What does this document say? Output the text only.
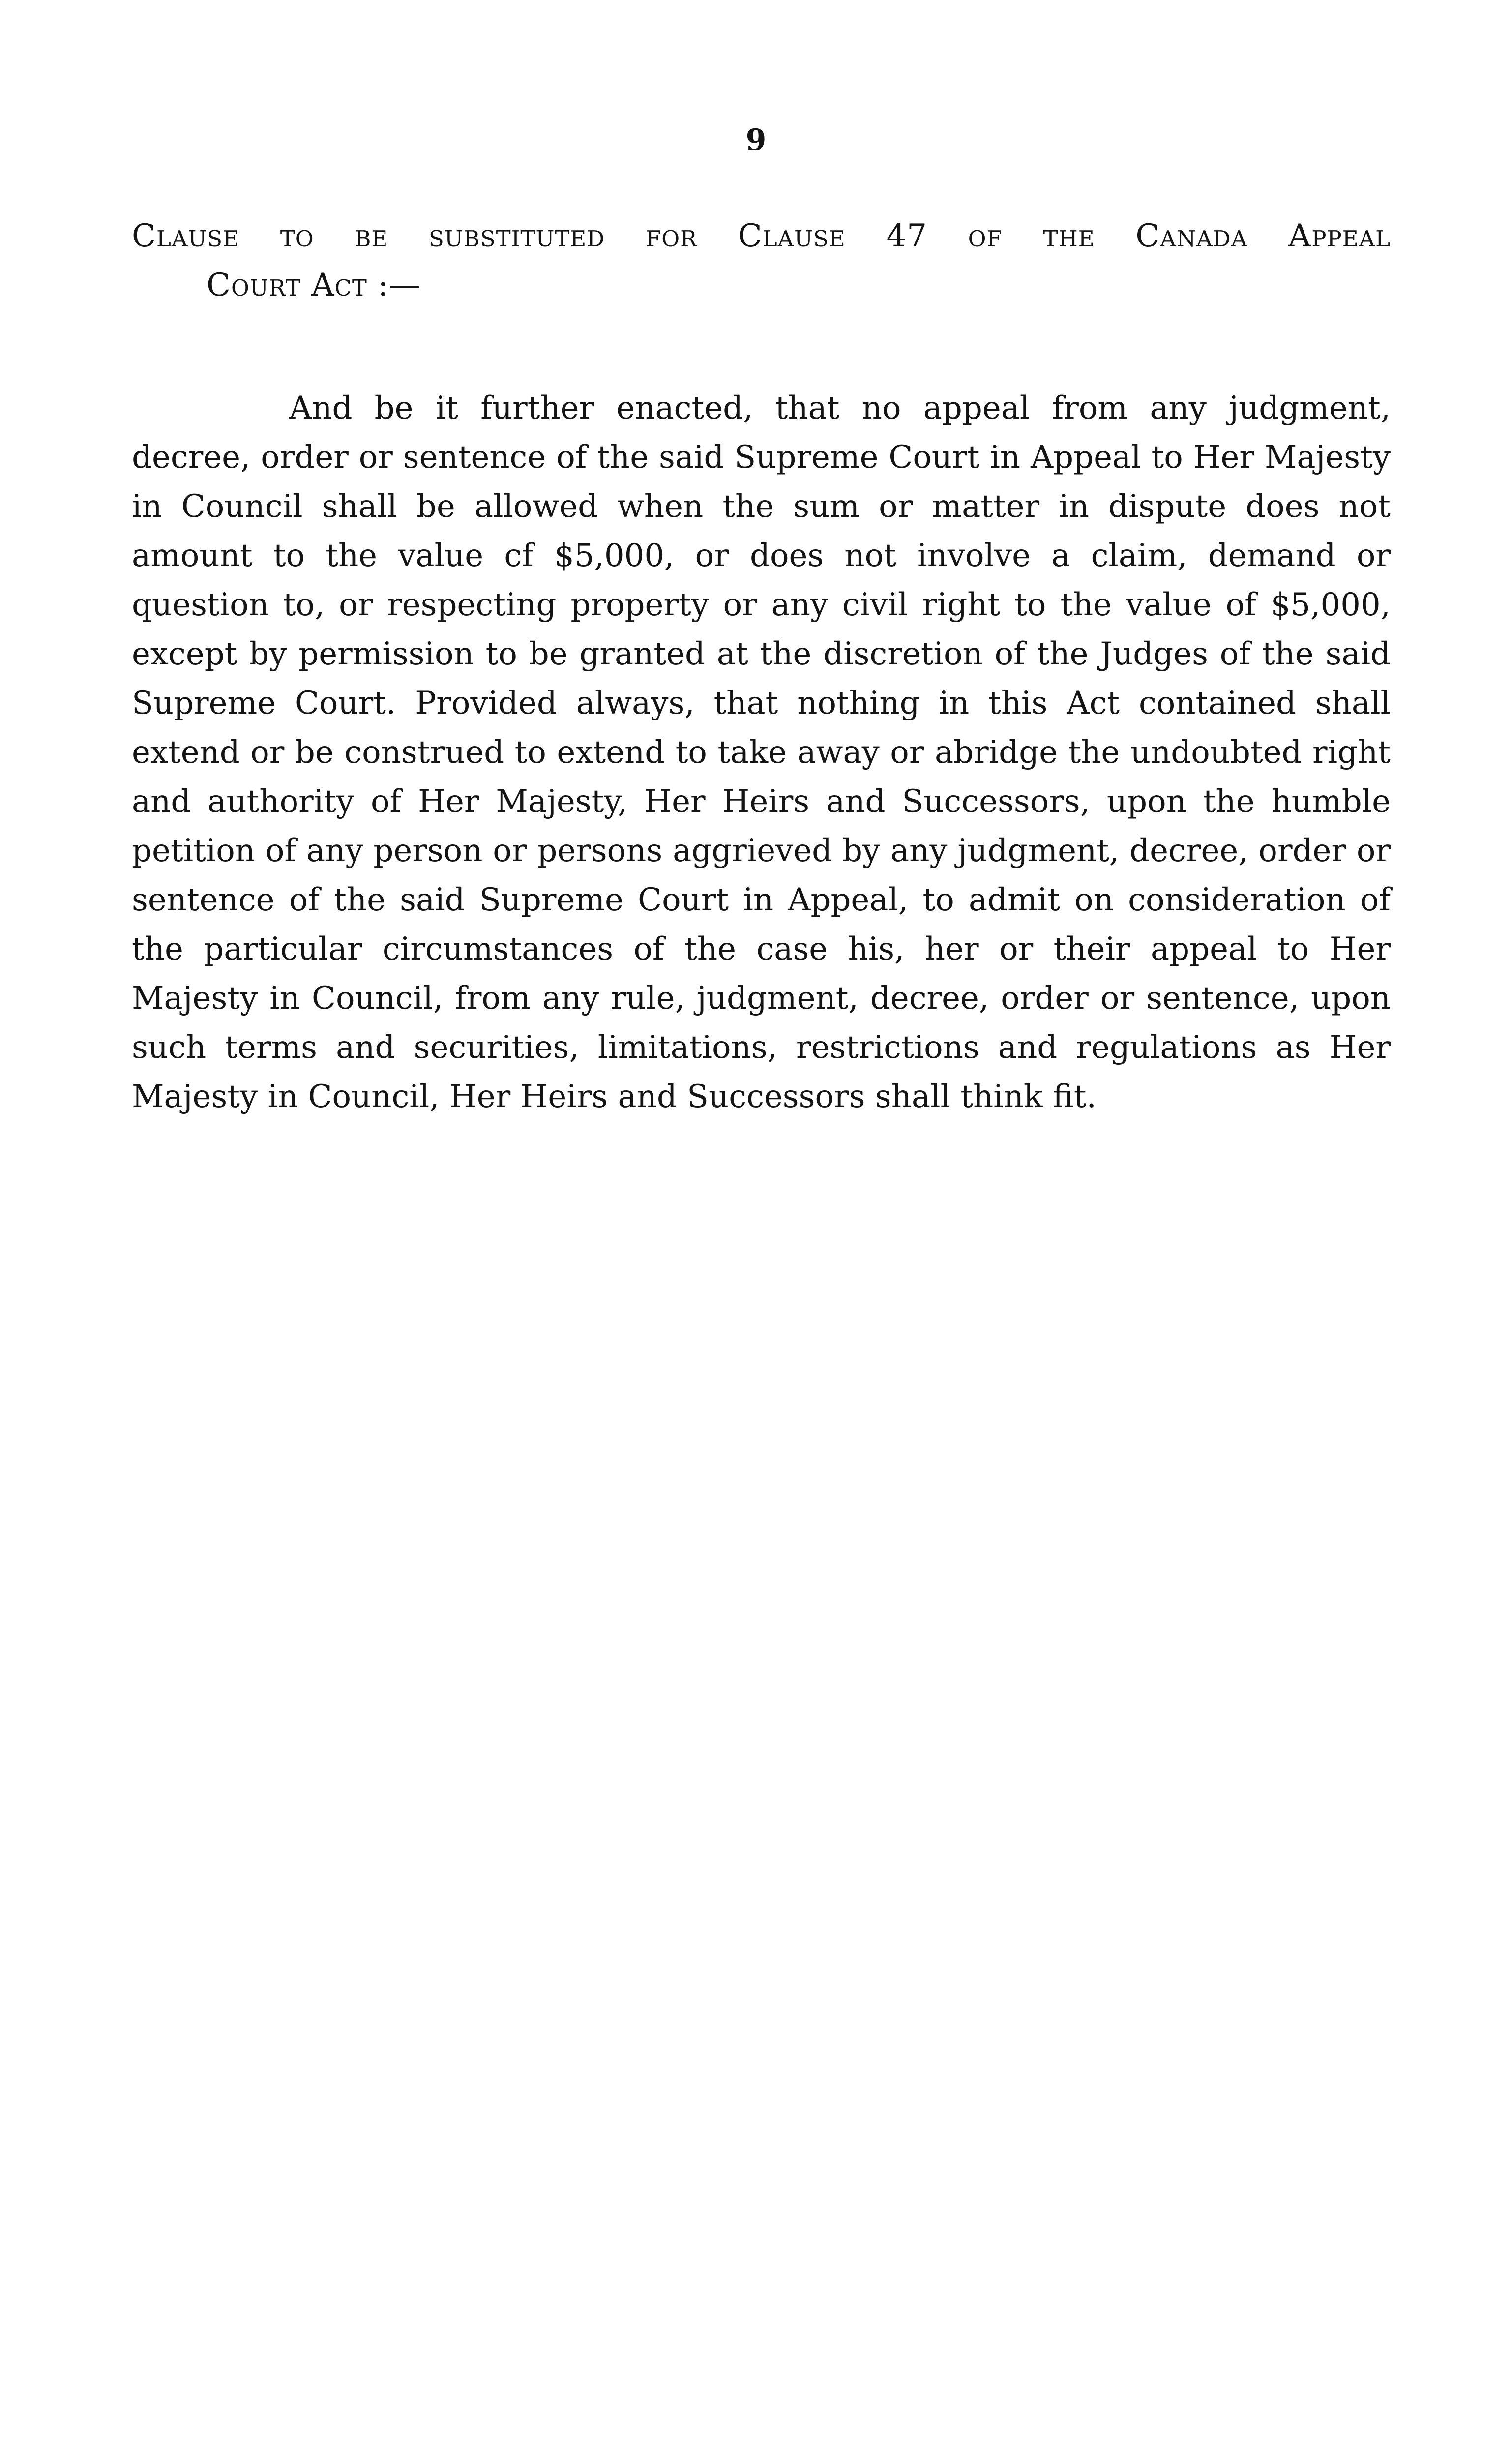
9
Clause to be substituted for Clause 47 of the Canada Appeal
Court Act :—

And be it further enacted, that no appeal from any judgment, decree, order or sentence of the said Supreme Court in Appeal to Her Majesty in Council shall be allowed when the sum or matter in dispute does not amount to the value cf $5,000, or does not involve a claim, demand or question to, or respecting property or any civil right to the value of $5,000, except by permission to be granted at the discretion of the Judges of the said Supreme Court. Provided always, that nothing in this Act contained shall extend or be construed to extend to take away or abridge the undoubted right and authority of Her Majesty, Her Heirs and Successors, upon the humble petition of any person or persons aggrieved by any judgment, decree, order or sentence of the said Supreme Court in Appeal, to admit on consideration of the particular circumstances of the case his, her or their appeal to Her Majesty in Council, from any rule, judgment, decree, order or sentence, upon such terms and securities, limitations, restrictions and regulations as Her Majesty in Council, Her Heirs and Successors shall think fit.
